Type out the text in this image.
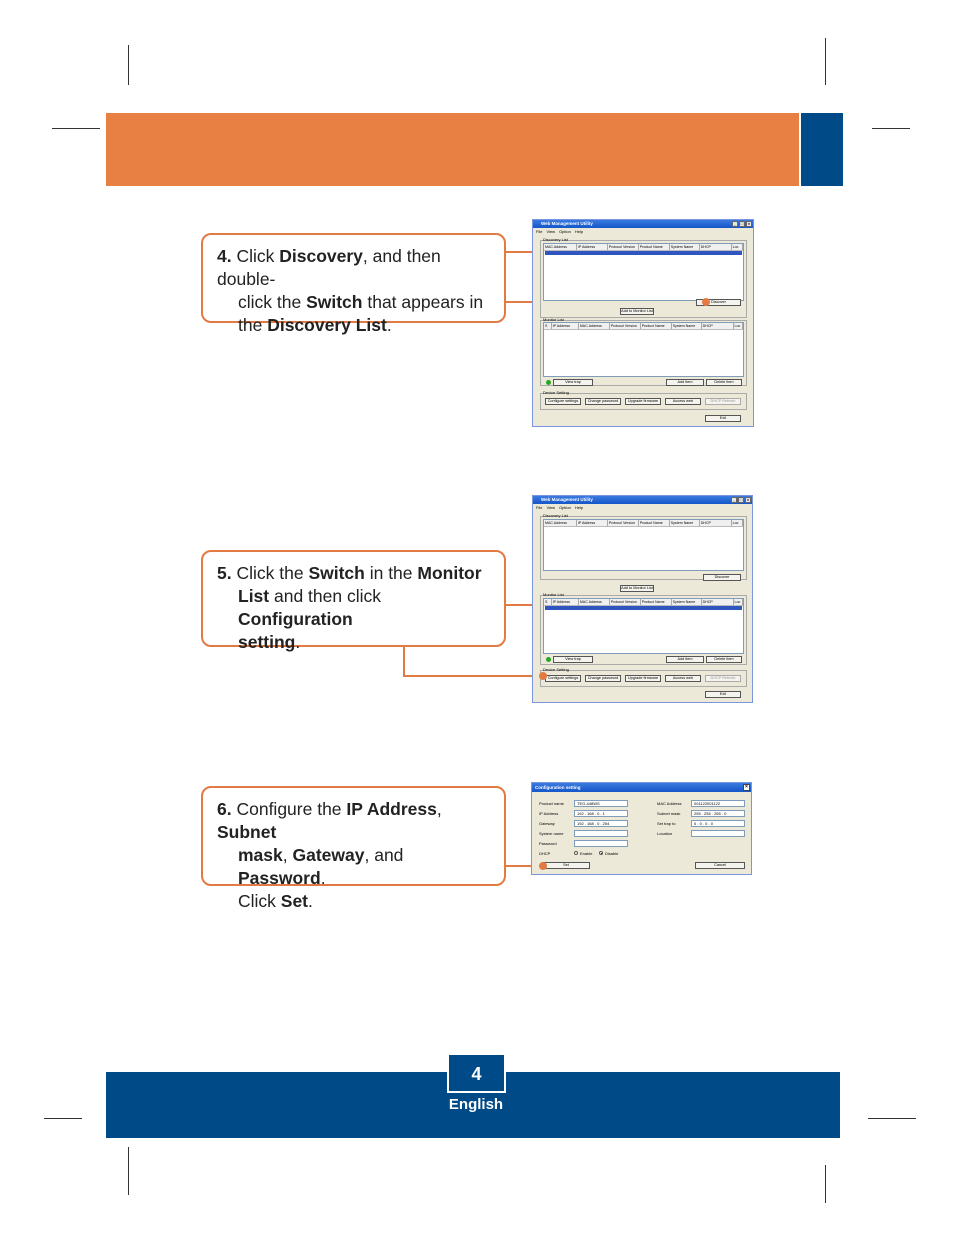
4. Click Discovery, and then double-
click the Switch that appears in
the Discovery List.
Web Management Utility	_	□	×
File View Option Help
Discovery List
MAC Address	IP Address	Protocol Version	Product Name	System Name	DHCP	Loc
Discover
Add to Monitor List
Monitor List
S	IP Address	MAC Address	Protocol Version	Product Name	System Name	DHCP	Loc
View trap	Add item	Delete item
Device Setting
Configure settings	Change password	Upgrade firmware	Access web	DHCP Refresh
Exit
5. Click the Switch in the Monitor
List and then click Configuration
setting.
Web Management Utility	_	□	×
File View Option Help
Discovery List
MAC Address	IP Address	Protocol Version	Product Name	System Name	DHCP	Loc
Discover
Add to Monitor List
Monitor List
S	IP Address	MAC Address	Protocol Version	Product Name	System Name	DHCP	Loc
View trap	Add item	Delete item
Device Setting
Configure settings	Change password	Upgrade firmware	Access web	DHCP Refresh
Exit
6. Configure the IP Address, Subnet
mask, Gateway, and Password.
Click Set.
Configuration setting	×
Product name	TEG-448WS
IP Address	192 . 168 . 0 . 1
Gateway	192 . 168 . 0 . 254
System name
Password
DHCP	Enable	Disable
MAC Address	001122001122
Subnet mask	255 . 255 . 255 . 0
Set trap to	0 . 0 . 0 . 0
Location
Set	Cancel
4
English
